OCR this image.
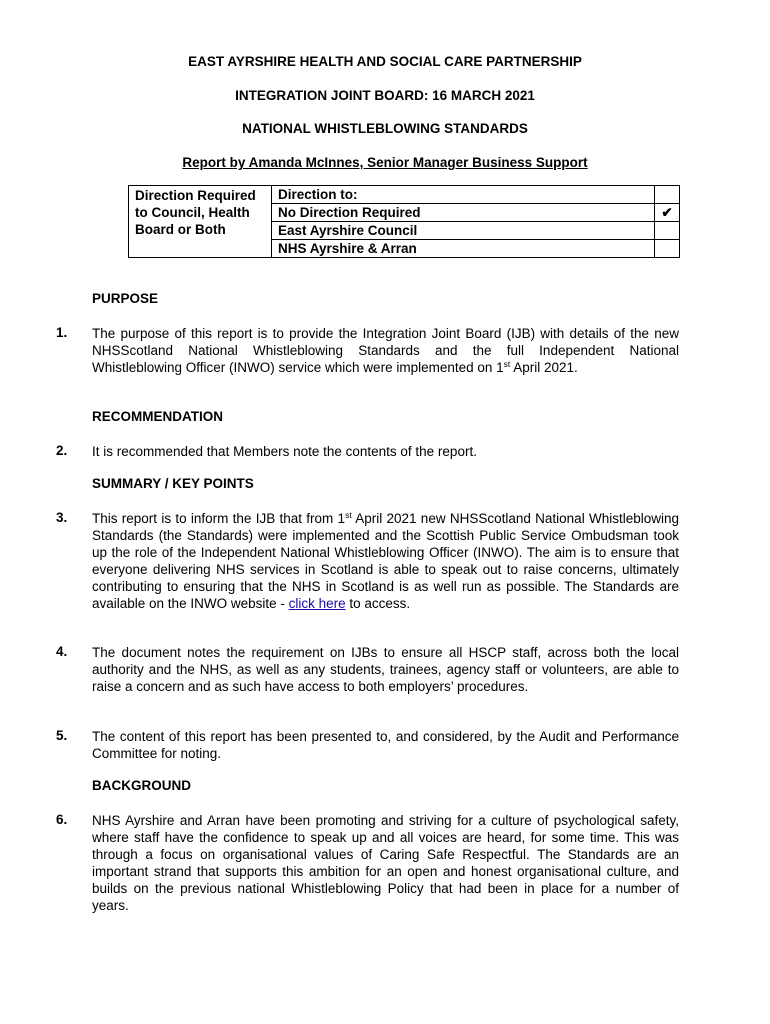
EAST AYRSHIRE HEALTH AND SOCIAL CARE PARTNERSHIP
INTEGRATION JOINT BOARD: 16 MARCH 2021
NATIONAL WHISTLEBLOWING STANDARDS
Report by Amanda McInnes, Senior Manager Business Support
Direction Required to Council, Health Board or Both	Direction to:	
	No Direction Required	✔
	East Ayrshire Council	
	NHS Ayrshire & Arran	
PURPOSE
1. The purpose of this report is to provide the Integration Joint Board (IJB) with details of the new NHSScotland National Whistleblowing Standards and the full Independent National Whistleblowing Officer (INWO) service which were implemented on 1st April 2021.
RECOMMENDATION
2. It is recommended that Members note the contents of the report.
SUMMARY / KEY POINTS
3. This report is to inform the IJB that from 1st April 2021 new NHSScotland National Whistleblowing Standards (the Standards) were implemented and the Scottish Public Service Ombudsman took up the role of the Independent National Whistleblowing Officer (INWO). The aim is to ensure that everyone delivering NHS services in Scotland is able to speak out to raise concerns, ultimately contributing to ensuring that the NHS in Scotland is as well run as possible. The Standards are available on the INWO website - click here to access.
4. The document notes the requirement on IJBs to ensure all HSCP staff, across both the local authority and the NHS, as well as any students, trainees, agency staff or volunteers, are able to raise a concern and as such have access to both employers’ procedures.
5. The content of this report has been presented to, and considered, by the Audit and Performance Committee for noting.
BACKGROUND
6. NHS Ayrshire and Arran have been promoting and striving for a culture of psychological safety, where staff have the confidence to speak up and all voices are heard, for some time. This was through a focus on organisational values of Caring Safe Respectful. The Standards are an important strand that supports this ambition for an open and honest organisational culture, and builds on the previous national Whistleblowing Policy that had been in place for a number of years.
